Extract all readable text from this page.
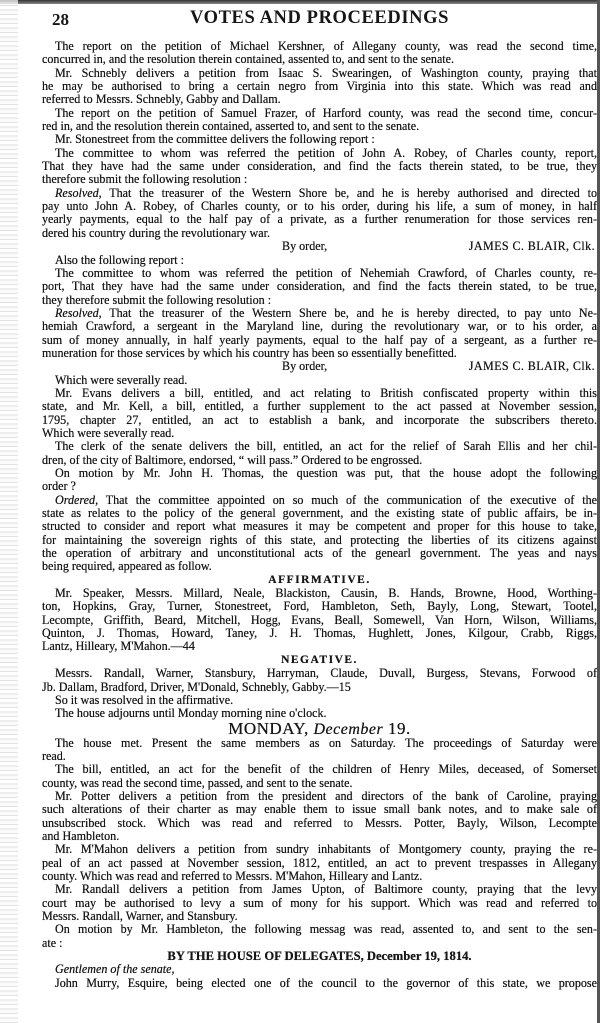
28	VOTES AND PROCEEDINGS
The report on the petition of Michael Kershner, of Allegany county, was read the second time,
concurred in, and the resolution therein contained, assented to, and sent to the senate.
Mr. Schnebly delivers a petition from Isaac S. Swearingen, of Washington county, praying that
he may be authorised to bring a certain negro from Virginia into this state. Which was read and
referred to Messrs. Schnebly, Gabby and Dallam.
The report on the petition of Samuel Frazer, of Harford county, was read the second time, concur-
red in, and the resolution therein contained, asserted to, and sent to the senate.
Mr. Stonestreet from the committee delivers the following report :
The committee to whom was referred the petition of John A. Robey, of Charles county, report,
That they have had the same under consideration, and find the facts therein stated, to be true, they
therefore submit the following resolution :
Resolved, That the treasurer of the Western Shore be, and he is hereby authorised and directed to
pay unto John A. Robey, of Charles county, or to his order, during his life, a sum of money, in half
yearly payments, equal to the half pay of a private, as a further renumeration for those services ren-
dered his country during the revolutionary war.
By order,	JAMES C. BLAIR, Clk.
Also the following report :
The committee to whom was referred the petition of Nehemiah Crawford, of Charles county, re-
port, That they have had the same under consideration, and find the facts therein stated, to be true,
they therefore submit the following resolution :
Resolved, That the treasurer of the Western Shere be, and he is hereby directed, to pay unto Ne-
hemiah Crawford, a sergeant in the Maryland line, during the revolutionary war, or to his order, a
sum of money annually, in half yearly payments, equal to the half pay of a sergeant, as a further re-
muneration for those services by which his country has been so essentially benefitted.
By order,	JAMES C. BLAIR, Clk.
Which were severally read.
Mr. Evans delivers a bill, entitled, and act relating to British confiscated property within this
state, and Mr. Kell, a bill, entitled, a further supplement to the act passed at November session,
1795, chapter 27, entitled, an act to establish a bank, and incorporate the subscribers thereto.
Which were severally read.
The clerk of the senate delivers the bill, entitled, an act for the relief of Sarah Ellis and her chil-
dren, of the city of Baltimore, endorsed, “ will pass.” Ordered to be engrossed.
On motion by Mr. John H. Thomas, the question was put, that the house adopt the following
order ?
Ordered, That the committee appointed on so much of the communication of the executive of the
state as relates to the policy of the general government, and the existing state of public affairs, be in-
structed to consider and report what measures it may be competent and proper for this house to take,
for maintaining the sovereign rights of this state, and protecting the liberties of its citizens against
the operation of arbitrary and unconstitutional acts of the genearl government. The yeas and nays
being required, appeared as follow.
AFFIRMATIVE.
Mr. Speaker, Messrs. Millard, Neale, Blackiston, Causin, B. Hands, Browne, Hood, Worthing-
ton, Hopkins, Gray, Turner, Stonestreet, Ford, Hambleton, Seth, Bayly, Long, Stewart, Tootel,
Lecompte, Griffith, Beard, Mitchell, Hogg, Evans, Beall, Somewell, Van Horn, Wilson, Williams,
Quinton, J. Thomas, Howard, Taney, J. H. Thomas, Hughlett, Jones, Kilgour, Crabb, Riggs,
Lantz, Hilleary, M'Mahon.—44
NEGATIVE.
Messrs. Randall, Warner, Stansbury, Harryman, Claude, Duvall, Burgess, Stevans, Forwood of
Jb. Dallam, Bradford, Driver, M'Donald, Schnebly, Gabby.—15
So it was resolved in the affirmative.
The house adjourns until Monday morning nine o'clock.
MONDAY, December 19.
The house met. Present the same members as on Saturday. The proceedings of Saturday were
read.
The bill, entitled, an act for the benefit of the children of Henry Miles, deceased, of Somerset
county, was read the second time, passed, and sent to the senate.
Mr. Potter delivers a petition from the president and directors of the bank of Caroline, praying
such alterations of their charter as may enable them to issue small bank notes, and to make sale of
unsubscribed stock. Which was read and referred to Messrs. Potter, Bayly, Wilson, Lecompte
and Hambleton.
Mr. M'Mahon delivers a petition from sundry inhabitants of Montgomery county, praying the re-
peal of an act passed at November session, 1812, entitled, an act to prevent trespasses in Allegany
county. Which was read and referred to Messrs. M'Mahon, Hilleary and Lantz.
Mr. Randall delivers a petition from James Upton, of Baltimore county, praying that the levy
court may be authorised to levy a sum of mony for his support. Which was read and referred to
Messrs. Randall, Warner, and Stansbury.
On motion by Mr. Hambleton, the following messag was read, assented to, and sent to the sen-
ate :
BY THE HOUSE OF DELEGATES, December 19, 1814.
Gentlemen of the senate,
John Murry, Esquire, being elected one of the council to the governor of this state, we propose
